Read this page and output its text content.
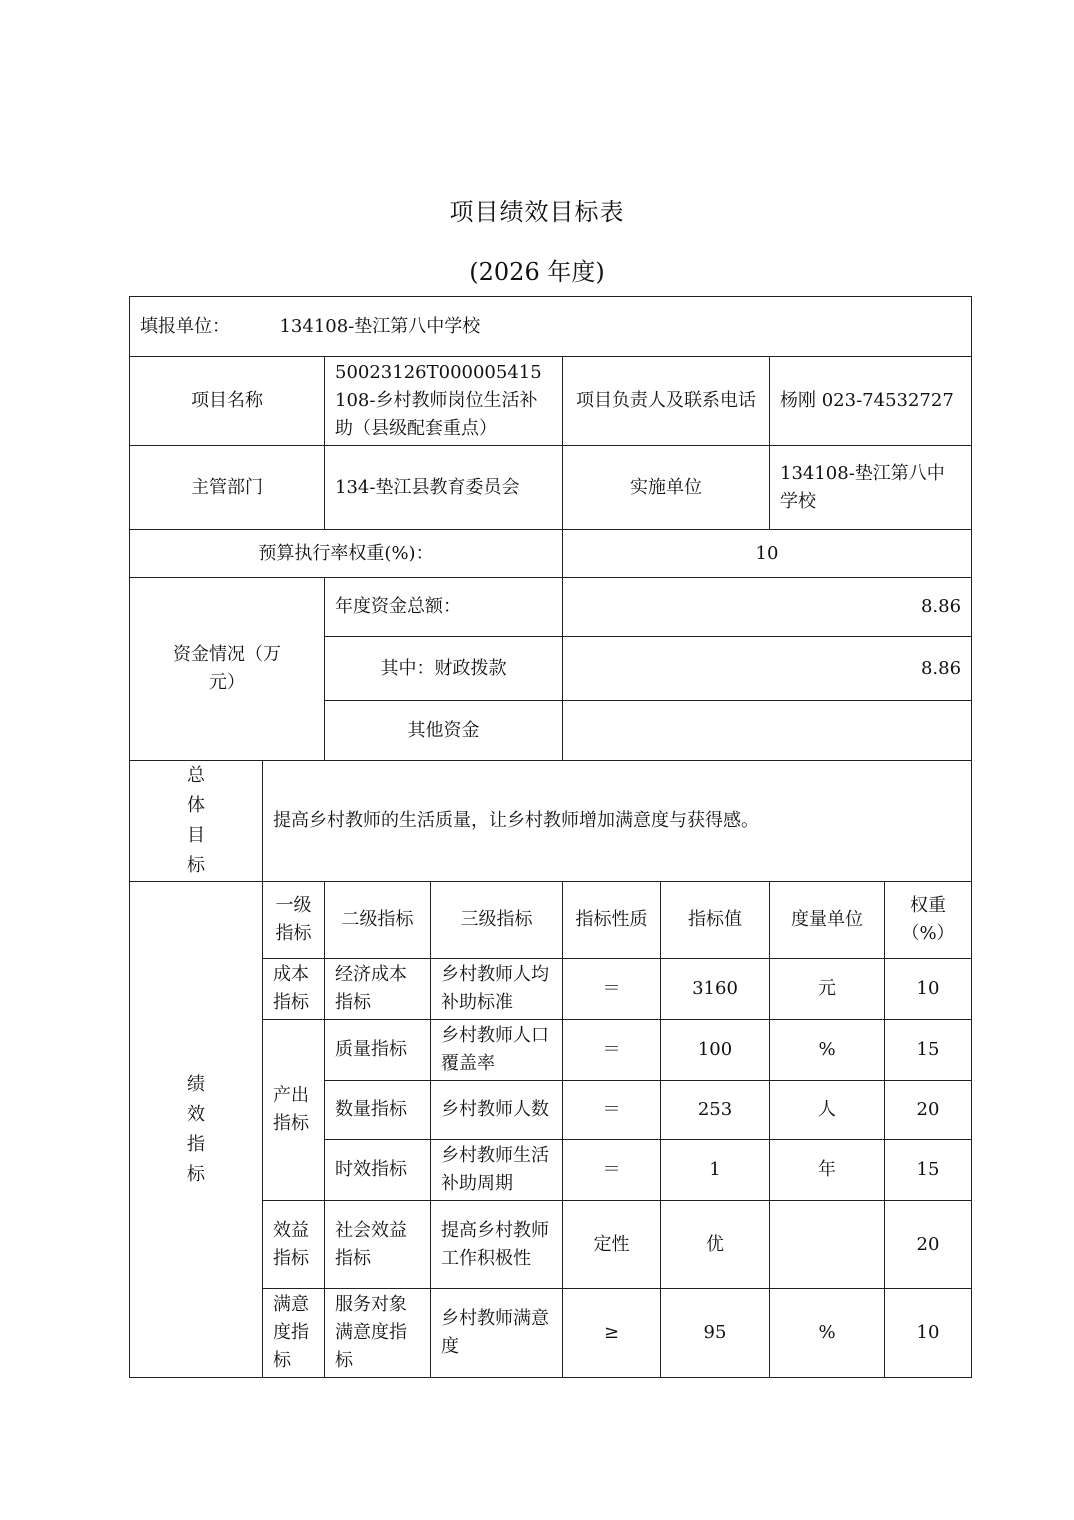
项目绩效目标表
(2026 年度)
填报单位： 134108-垫江第八中学校							
项目名称		50023126T000005415108-乡村教师岗位生活补助（县级配套重点）		项目负责人及联系电话		杨刚 023-74532727	
主管部门		134-垫江县教育委员会		实施单位		134108-垫江第八中学校	
预算执行率权重(%)：				10			
资金情况（万元）		年度资金总额：		8.86			
		其中：财政拨款		8.86			
		其他资金					
总体目标	提高乡村教师的生活质量，让乡村教师增加满意度与获得感。						
绩效指标	一级指标	二级指标	三级指标	指标性质	指标值	度量单位	权重（%）
	成本指标	经济成本指标	乡村教师人均补助标准	＝	3160	元	10
	产出指标	质量指标	乡村教师人口覆盖率	＝	100	%	15
		数量指标	乡村教师人数	＝	253	人	20
		时效指标	乡村教师生活补助周期	＝	1	年	15
	效益指标	社会效益指标	提高乡村教师工作积极性	定性	优		20
	满意度指标	服务对象满意度指标	乡村教师满意度	≥	95	%	10
